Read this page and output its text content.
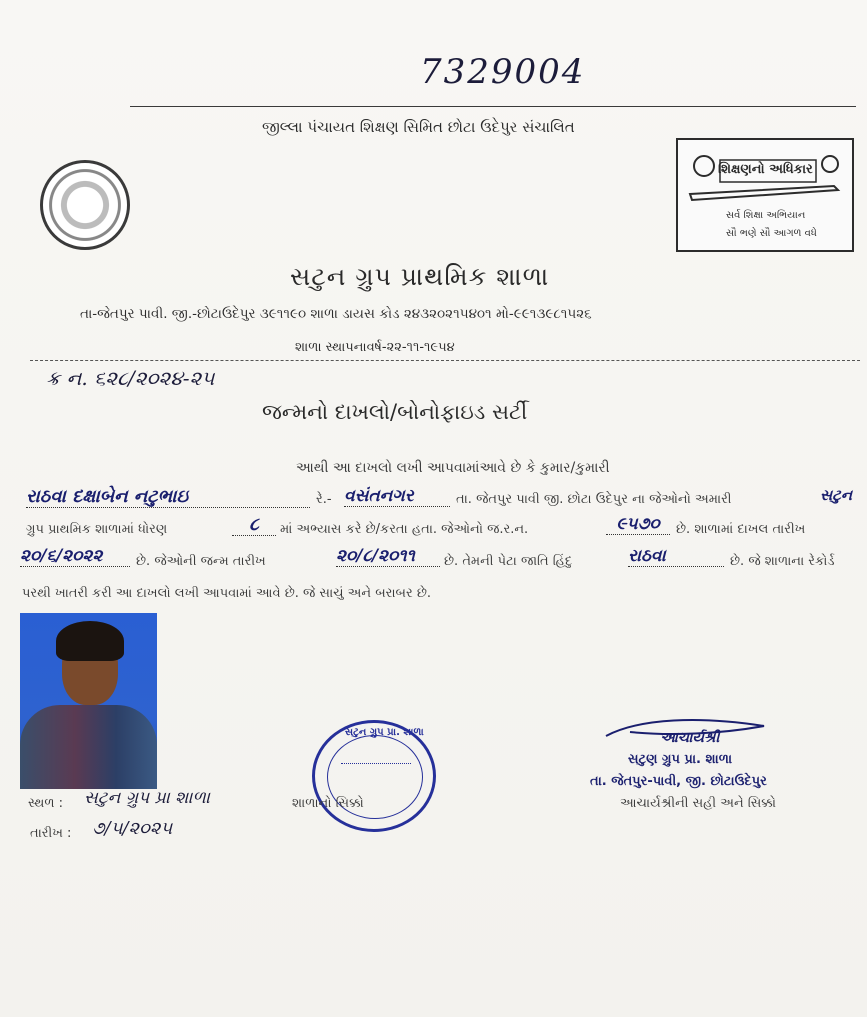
7329004
જીલ્લા પંચાયત શિક્ષણ સિમિત છોટા ઉદેપુર સંચાલિત
શિક્ષણનો અધિકાર
સર્વ શિક્ષા અભિયાન
સૌ ભણે સૌ આગળ વધે
સટુન ગ્રુપ પ્રાથમિક શાળા
તા-જેતપુર પાવી. જી.-છોટાઉદેપુર ૩૯૧૧૯૦ શાળા ડાયસ કોડ ૨૪૩૨૦૨૧૫૪૦૧ મો-૯૯૧૩૯૮૧૫૨૬
શાળા સ્થાપનાવર્ષ-૨૨-૧૧-૧૯૫૪
ક્ર ન. ૬૨૮/૨૦૨૪-૨૫
જન્મનો દાખલો/બોનોફાઇડ સર્ટી
આથી આ દાખલો લખી આપવામાંઆવે છે કે કુમાર/કુમારી
રાઠવા દક્ષાબેન નટુભાઇ	રે.- વસંતનગર	તા. જેતપુર પાવી જી. છોટા ઉદેપુર ના જેઓનો અમારી	સટુન
ગ્રુપ પ્રાથમિક શાળામાં ધોરણ	૮	માં અભ્યાસ કરે છે/કરતા હતા. જેઓનો જ.ર.ન.	૯૫૭૦	છે. શાળામાં દાખલ તારીખ
૨૦/૬/૨૦૨૨	છે. જેઓની જન્મ તારીખ	૨૦/૮/૨૦૧૧	છે. તેમની પેટા જાતિ હિંદુ	રાઠવા	છે. જે શાળાના રેકોર્ડ
પરથી ખાતરી કરી આ દાખલો લખી આપવામાં આવે છે. જે સાચું અને બરાબર છે.
સટુન ગ્રુપ પ્રા. શાળા
સ્થળ : સટુન ગ્રુપ પ્રા શાળા	શાળાનો સિક્કો
તારીખ : ૭/૫/૨૦૨૫
આચાર્યશ્રી
સટુણ ગ્રુપ પ્રા. શાળા
તા. જેતપુર-પાવી, જી. છોટાઉદેપુર
આચાર્યશ્રીની સહી અને સિક્કો
